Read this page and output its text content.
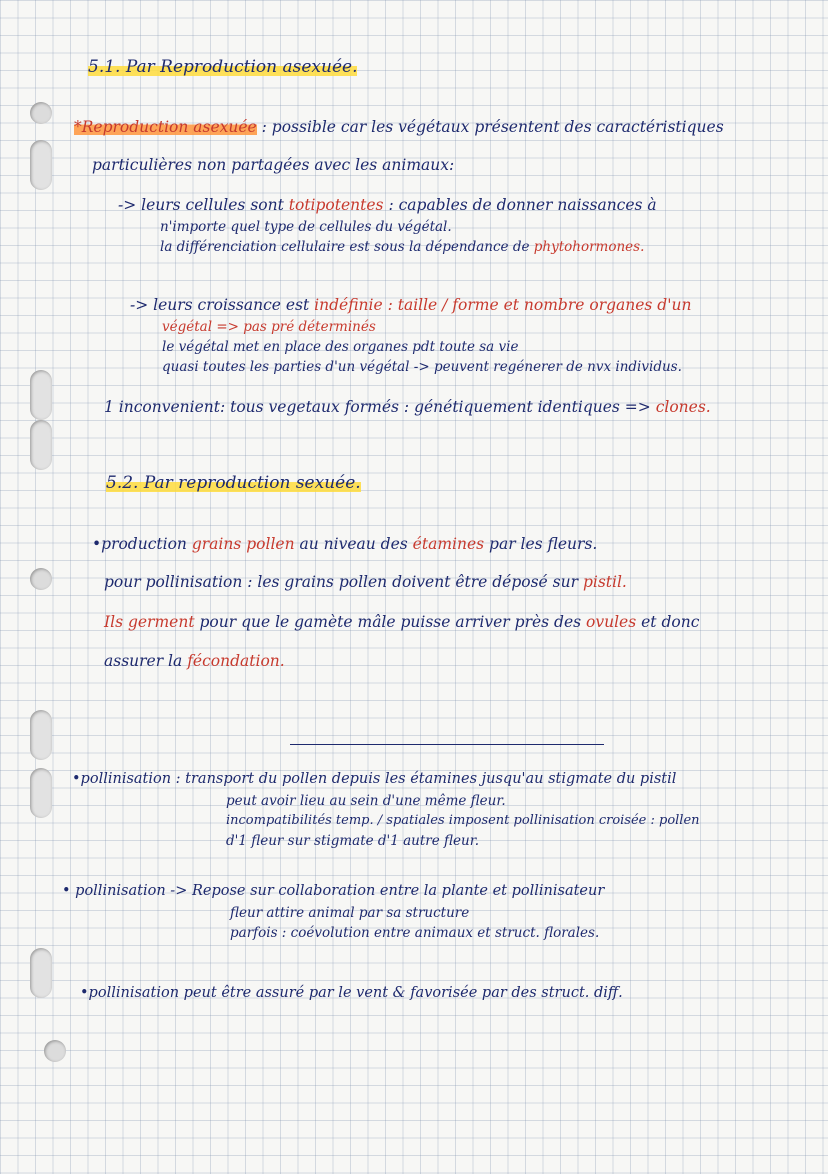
5.1. Par Reproduction asexuée.
*Reproduction asexuée : possible car les végétaux présentent des caractéristiques
particulières non partagées avec les animaux:
-> leurs cellules sont totipotentes : capables de donner naissances à
n'importe quel type de cellules du végétal.
la différenciation cellulaire est sous la dépendance de phytohormones.
-> leurs croissance est indéfinie : taille / forme et nombre organes d'un
végétal => pas pré déterminés
le végétal met en place des organes pdt toute sa vie
quasi toutes les parties d'un végétal -> peuvent regénerer de nvx individus.
1 inconvenient: tous vegetaux formés : génétiquement identiques => clones.
5.2. Par reproduction sexuée.
•production grains pollen au niveau des étamines par les fleurs.
pour pollinisation : les grains pollen doivent être déposé sur pistil.
Ils germent pour que le gamète mâle puisse arriver près des ovules et donc
assurer la fécondation.
•pollinisation : transport du pollen depuis les étamines jusqu'au stigmate du pistil
peut avoir lieu au sein d'une même fleur.
incompatibilités temp. / spatiales imposent pollinisation croisée : pollen
d'1 fleur sur stigmate d'1 autre fleur.
• pollinisation -> Repose sur collaboration entre la plante et pollinisateur
fleur attire animal par sa structure
parfois : coévolution entre animaux et struct. florales.
•pollinisation peut être assuré par le vent & favorisée par des struct. diff.
